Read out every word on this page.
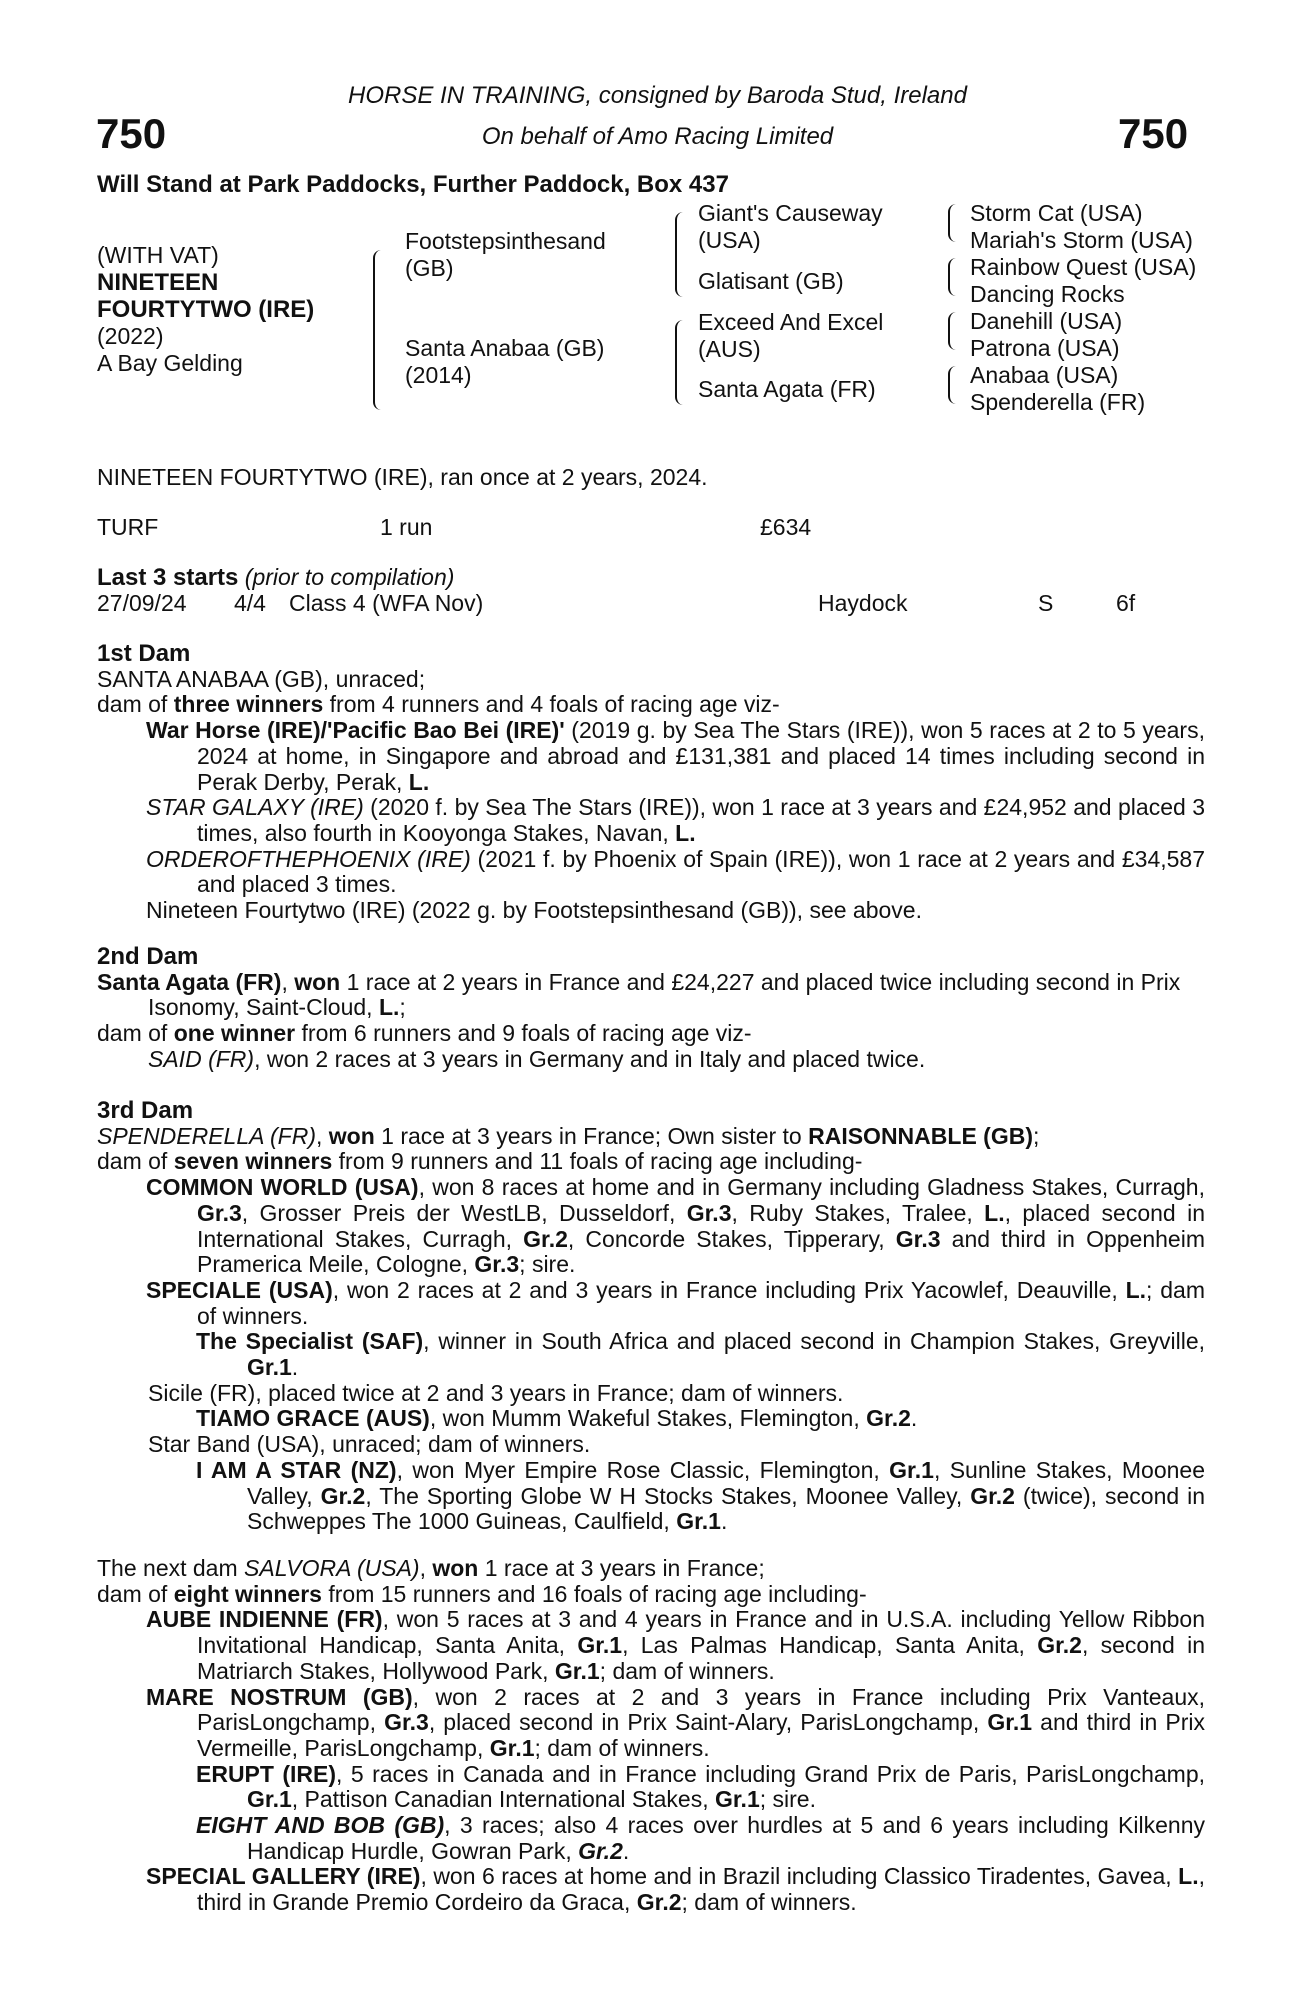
750	750
HORSE IN TRAINING, consigned by Baroda Stud, Ireland
On behalf of Amo Racing Limited
Will Stand at Park Paddocks, Further Paddock, Box 437
(WITH VAT)
NINETEEN
FOURTYTWO (IRE)
(2022)
A Bay Gelding
Footstepsinthesand
(GB)
Santa Anabaa (GB)
(2014)
Giant's Causeway
(USA)
Glatisant (GB)
Exceed And Excel
(AUS)
Santa Agata (FR)
Storm Cat (USA)
Mariah's Storm (USA)
Rainbow Quest (USA)
Dancing Rocks
Danehill (USA)
Patrona (USA)
Anabaa (USA)
Spenderella (FR)
NINETEEN FOURTYTWO (IRE), ran once at 2 years, 2024.
TURF	1 run	£634
Last 3 starts (prior to compilation)
27/09/24 4/4 Class 4 (WFA Nov)	Haydock	S	6f

1st Dam

SANTA ANABAA (GB), unraced;

dam of three winners from 4 runners and 4 foals of racing age viz-

War Horse (IRE)/'Pacific Bao Bei (IRE)' (2019 g. by Sea The Stars (IRE)), won 5 races at 2 to 5 years, 2024 at home, in Singapore and abroad and £131,381 and placed 14 times including second in Perak Derby, Perak, L.

STAR GALAXY (IRE) (2020 f. by Sea The Stars (IRE)), won 1 race at 3 years and £24,952 and placed 3 times, also fourth in Kooyonga Stakes, Navan, L.

ORDEROFTHEPHOENIX (IRE) (2021 f. by Phoenix of Spain (IRE)), won 1 race at 2 years and £34,587 and placed 3 times.

Nineteen Fourtytwo (IRE) (2022 g. by Footstepsinthesand (GB)), see above.

2nd Dam

Santa Agata (FR), won 1 race at 2 years in France and £24,227 and placed twice including second in Prix Isonomy, Saint-Cloud, L.;

dam of one winner from 6 runners and 9 foals of racing age viz-

SAID (FR), won 2 races at 3 years in Germany and in Italy and placed twice.

3rd Dam

SPENDERELLA (FR), won 1 race at 3 years in France; Own sister to RAISONNABLE (GB);

dam of seven winners from 9 runners and 11 foals of racing age including-

COMMON WORLD (USA), won 8 races at home and in Germany including Gladness Stakes, Curragh, Gr.3, Grosser Preis der WestLB, Dusseldorf, Gr.3, Ruby Stakes, Tralee, L., placed second in International Stakes, Curragh, Gr.2, Concorde Stakes, Tipperary, Gr.3 and third in Oppenheim Pramerica Meile, Cologne, Gr.3; sire.

SPECIALE (USA), won 2 races at 2 and 3 years in France including Prix Yacowlef, Deauville, L.; dam of winners.

The Specialist (SAF), winner in South Africa and placed second in Champion Stakes, Greyville, Gr.1.

Sicile (FR), placed twice at 2 and 3 years in France; dam of winners.

TIAMO GRACE (AUS), won Mumm Wakeful Stakes, Flemington, Gr.2.

Star Band (USA), unraced; dam of winners.

I AM A STAR (NZ), won Myer Empire Rose Classic, Flemington, Gr.1, Sunline Stakes, Moonee Valley, Gr.2, The Sporting Globe W H Stocks Stakes, Moonee Valley, Gr.2 (twice), second in Schweppes The 1000 Guineas, Caulfield, Gr.1.

The next dam SALVORA (USA), won 1 race at 3 years in France;

dam of eight winners from 15 runners and 16 foals of racing age including-

AUBE INDIENNE (FR), won 5 races at 3 and 4 years in France and in U.S.A. including Yellow Ribbon Invitational Handicap, Santa Anita, Gr.1, Las Palmas Handicap, Santa Anita, Gr.2, second in Matriarch Stakes, Hollywood Park, Gr.1; dam of winners.

MARE NOSTRUM (GB), won 2 races at 2 and 3 years in France including Prix Vanteaux, ParisLongchamp, Gr.3, placed second in Prix Saint-Alary, ParisLongchamp, Gr.1 and third in Prix Vermeille, ParisLongchamp, Gr.1; dam of winners.

ERUPT (IRE), 5 races in Canada and in France including Grand Prix de Paris, ParisLongchamp, Gr.1, Pattison Canadian International Stakes, Gr.1; sire.

EIGHT AND BOB (GB), 3 races; also 4 races over hurdles at 5 and 6 years including Kilkenny Handicap Hurdle, Gowran Park, Gr.2.

SPECIAL GALLERY (IRE), won 6 races at home and in Brazil including Classico Tiradentes, Gavea, L., third in Grande Premio Cordeiro da Graca, Gr.2; dam of winners.
